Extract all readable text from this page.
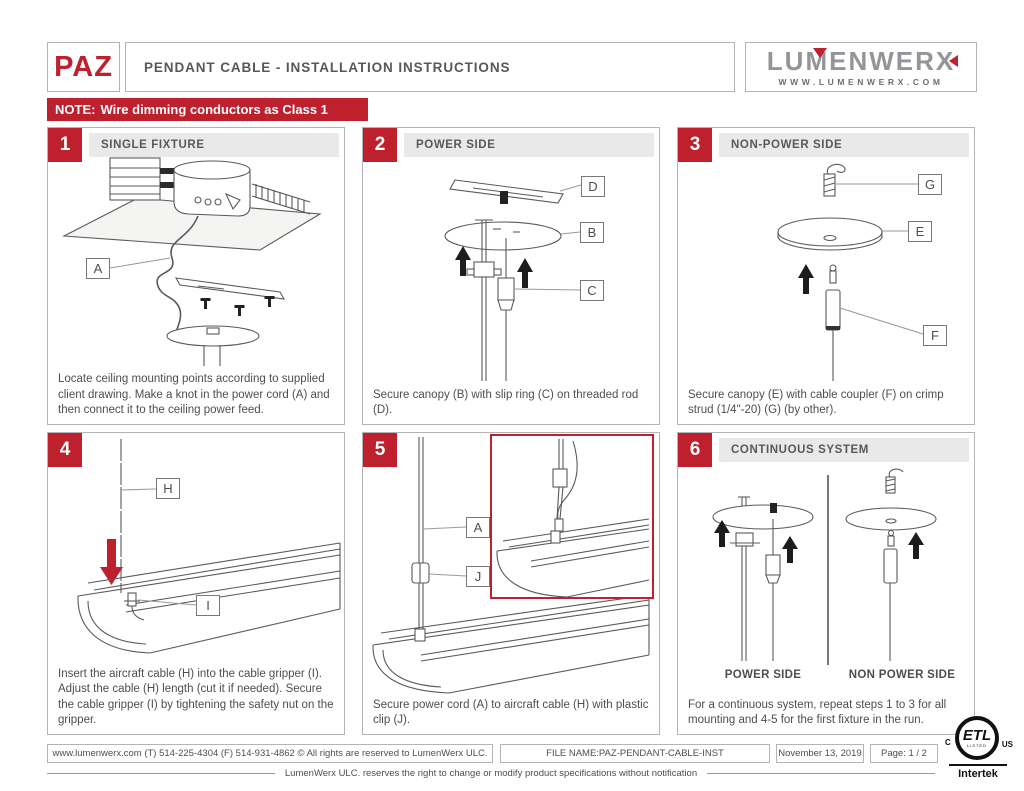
PAZ	PENDANT CABLE - INSTALLATION INSTRUCTIONS	LUMENWERX
WWW.LUMENWERX.COM
NOTE: Wire dimming conductors as Class 1
1	SINGLE FIXTURE
A
Locate ceiling mounting points according to supplied client drawing. Make a knot in the power cord (A) and then connect it to the ceiling power feed.
2	POWER SIDE
D
B
C
Secure canopy (B) with slip ring (C) on threaded rod (D).
3	NON-POWER SIDE
G
E
F
Secure canopy (E) with cable coupler (F) on crimp strud (1/4"-20) (G) (by other).
4
H
I
Insert the aircraft cable (H) into the cable gripper (I). Adjust the cable (H) length (cut it if needed). Secure the cable gripper (I) by tightening the safety nut on the gripper.
5
A
J
Secure power cord (A) to aircraft cable (H) with plastic clip (J).
6	CONTINUOUS SYSTEM
POWER SIDE	NON POWER SIDE
For a continuous system, repeat steps 1 to 3 for all mounting and 4-5 for the first fixture in the run.
www.lumenwerx.com (T) 514-225-4304 (F) 514-931-4862 © All rights are reserved to LumenWerx ULC.	FILE NAME:PAZ-PENDANT-CABLE-INST	November 13, 2019	Page: 1 / 2
LumenWerx ULC. reserves the right to change or modify product specifications without notification
ETL
LISTED
C	US
Intertek
